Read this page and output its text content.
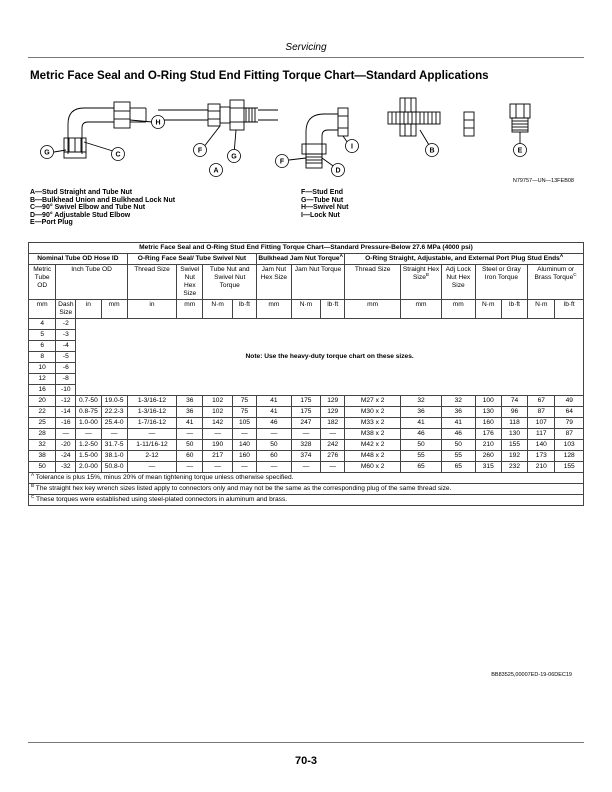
Servicing
Metric Face Seal and O-Ring Stud End Fitting Torque Chart—Standard Applications
G	C
H
F
G
A
F
D
I
B	E
N79757—UN—13FEB08
A—Stud Straight and Tube Nut
B—Bulkhead Union and Bulkhead Lock Nut
C—90° Swivel Elbow and Tube Nut
D—90° Adjustable Stud Elbow
E—Port Plug
F—Stud End
G—Tube Nut
H—Swivel Nut
I—Lock Nut
Metric Face Seal and O-Ring Stud End Fitting Torque Chart—Standard Pressure-Below 27.6 MPa (4000 psi)																	
Nominal Tube OD Hose ID				O-Ring Face Seal/ Tube Swivel Nut				Bulkhead Jam Nut Torque$^A$			O-Ring Straight, Adjustable, and External Port Plug Stud Ends$^A$
Metric Tube OD	Inch Tube OD			Thread Size	Swivel Nut Hex Size	Tube Nut and Swivel Nut Torque		Jam Nut Hex Size	Jam Nut Torque		Thread Size	Straight Hex Size$^B$	Adj Lock Nut Hex Size	Steel or Gray Iron Torque		Aluminum or Brass Torque$^C$
mm	Dash Size	in	mm	in	mm	N·m	lb·ft	mm	N·m	lb·ft	mm	mm	mm	N·m	lb·ft	N·m	lb·ft
4	-2	Note: Use the heavy-duty torque chart on these sizes.															
5	-3																
6	-4																
8	-5																
10	-6																
12	-8																
16	-10																
20	-12	0.7-50	19.0-5	1-3/16-12	36	102	75	41	175	129	M27 x 2	32	32	100	74	67	49
22	-14	0.8-75	22.2-3	1-3/16-12	36	102	75	41	175	129	M30 x 2	36	36	130	96	87	64
25	-16	1.0-00	25.4-0	1-7/16-12	41	142	105	46	247	182	M33 x 2	41	41	160	118	107	79
28	—	—	—	—	—	—	—	—	—	—	M38 x 2	46	46	176	130	117	87
32	-20	1.2-50	31.7-5	1-11/16-12	50	190	140	50	328	242	M42 x 2	50	50	210	155	140	103
38	-24	1.5-00	38.1-0	2-12	60	217	160	60	374	276	M48 x 2	55	55	260	192	173	128
50	-32	2.0-00	50.8-0	—	—	—	—	—	—	—	M60 x 2	65	65	315	232	210	155
$^A$ Tolerance is plus 15%, minus 20% of mean tightening torque unless otherwise specified.																	
$^B$ The straight hex key wrench sizes listed apply to connectors only and may not be the same as the corresponding plug of the same thread size.																	
$^C$ These torques were established using steel-plated connectors in aluminum and brass.																	
BB83525,00007ED-19-06DEC19
70-3
